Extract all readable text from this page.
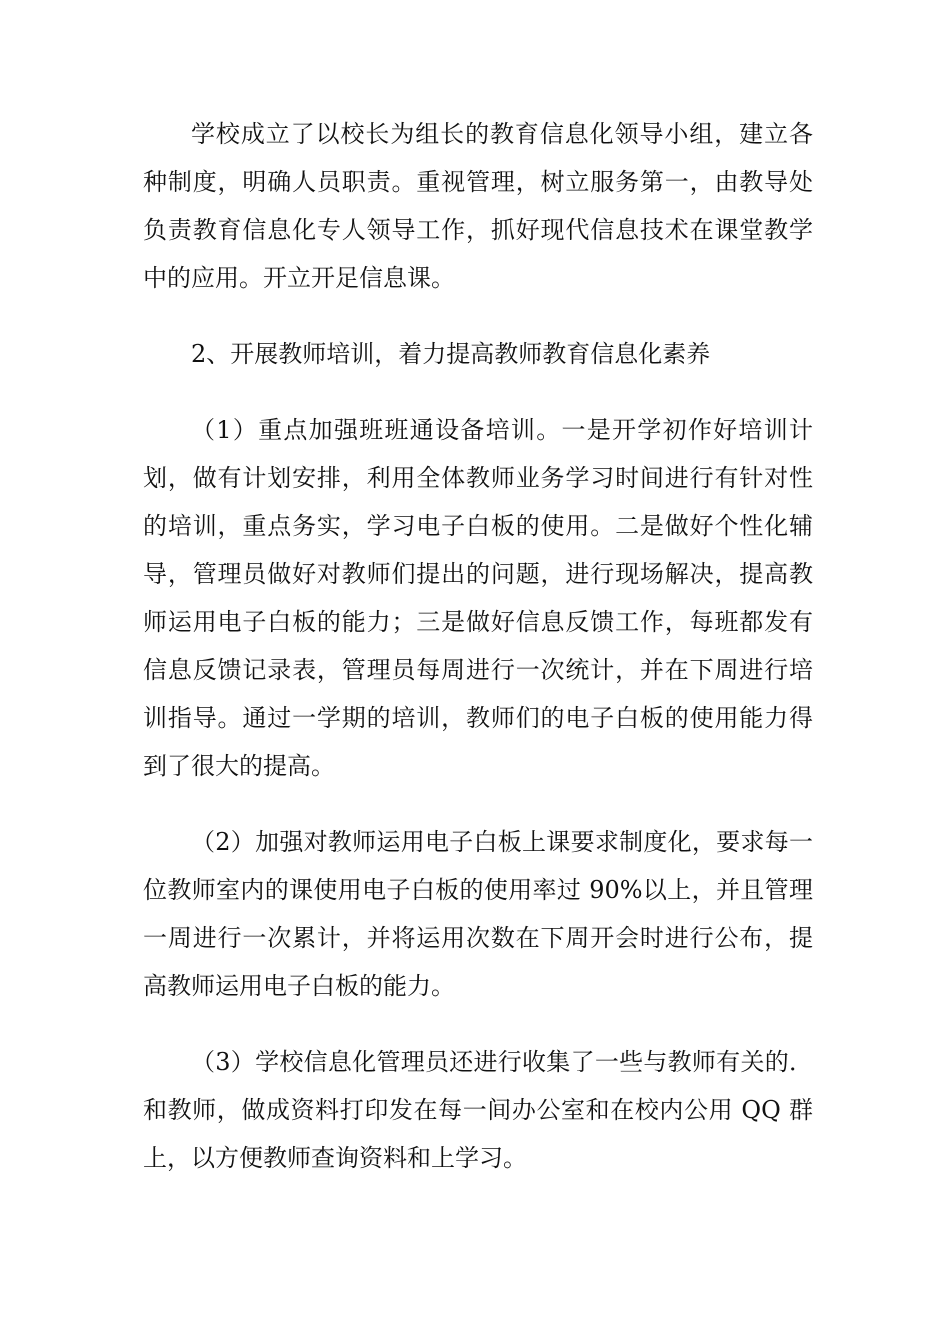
学校成立了以校长为组长的教育信息化领导小组，建立各种制度，明确人员职责。重视管理，树立服务第一，由教导处负责教育信息化专人领导工作，抓好现代信息技术在课堂教学中的应用。开立开足信息课。

2、开展教师培训，着力提高教师教育信息化素养

（1）重点加强班班通设备培训。一是开学初作好培训计划，做有计划安排，利用全体教师业务学习时间进行有针对性的培训，重点务实，学习电子白板的使用。二是做好个性化辅导，管理员做好对教师们提出的问题，进行现场解决，提高教师运用电子白板的能力；三是做好信息反馈工作，每班都发有信息反馈记录表，管理员每周进行一次统计，并在下周进行培训指导。通过一学期的培训，教师们的电子白板的使用能力得到了很大的提高。

（2）加强对教师运用电子白板上课要求制度化，要求每一位教师室内的课使用电子白板的使用率过 90%以上，并且管理一周进行一次累计，并将运用次数在下周开会时进行公布，提高教师运用电子白板的能力。

（3）学校信息化管理员还进行收集了一些与教师有关的．和教师，做成资料打印发在每一间办公室和在校内公用 QQ 群上，以方便教师查询资料和上学习。
